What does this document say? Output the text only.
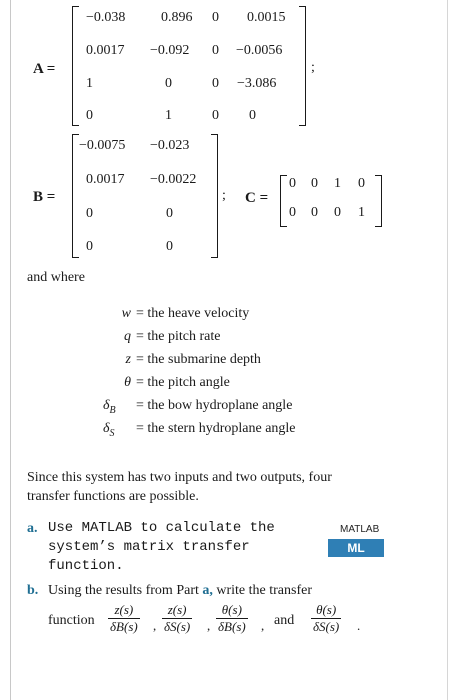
A =	;
−0.038	0.896 0 0.0015
0.0017 −0.092 0 −0.0056
1	0	0 −3.086
0	1	0 0
B =	;
−0.0075 −0.023
0.0017 −0.0022
0	0
0	0
C =
0 0 1 0
0 0 0 1
and where
w = the heave velocity
q = the pitch rate
z = the submarine depth
θ = the pitch angle
$\delta_B$ = the bow hydroplane angle
$\delta_S$ = the stern hydroplane angle
Since this system has two inputs and two outputs, four
transfer functions are possible.
a. Use MATLAB to calculate the
system’s matrix transfer
function.
MATLAB
ML
b. Using the results from Part a, write the transfer
function $\frac{z(s)}{\delta B(s)}$ , $\frac{z(s)}{\delta S(s)}$ , $\frac{\theta(s)}{\delta B(s)}$ , and $\frac{\theta(s)}{\delta S(s)}$ .
